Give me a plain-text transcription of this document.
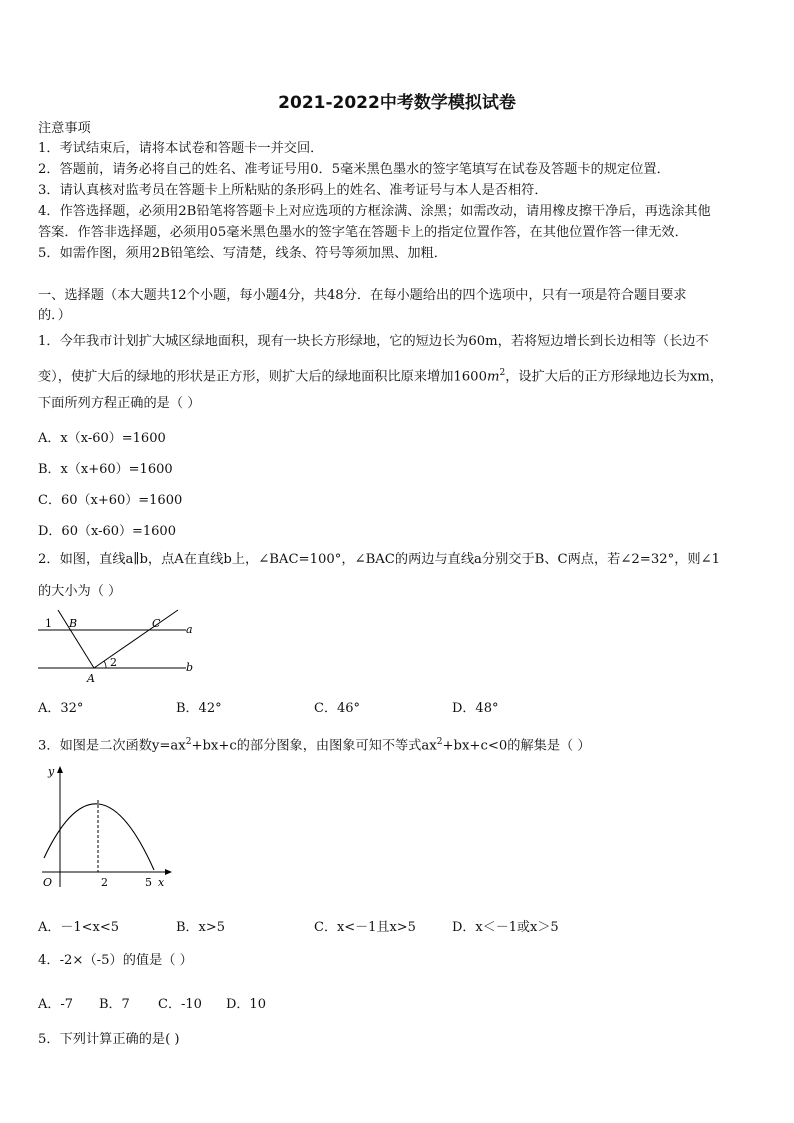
2021-2022中考数学模拟试卷
注意事项
1．考试结束后，请将本试卷和答题卡一并交回．
2．答题前，请务必将自己的姓名、准考证号用0．5毫米黑色墨水的签字笔填写在试卷及答题卡的规定位置．
3．请认真核对监考员在答题卡上所粘贴的条形码上的姓名、准考证号与本人是否相符．
4．作答选择题，必须用2B铅笔将答题卡上对应选项的方框涂满、涂黑；如需改动，请用橡皮擦干净后，再选涂其他
答案．作答非选择题，必须用05毫米黑色墨水的签字笔在答题卡上的指定位置作答，在其他位置作答一律无效．
5．如需作图，须用2B铅笔绘、写清楚，线条、符号等须加黑、加粗．
一、选择题（本大题共12个小题，每小题4分，共48分．在每小题给出的四个选项中，只有一项是符合题目要求
的．）
1．今年我市计划扩大城区绿地面积，现有一块长方形绿地，它的短边长为60m，若将短边增长到长边相等（长边不
变），使扩大后的绿地的形状是正方形，则扩大后的绿地面积比原来增加$1600m^2$，设扩大后的正方形绿地边长为xm，
下面所列方程正确的是（ ）
A．x（x-60）=1600
B．x（x+60）=1600
C．60（x+60）=1600
D．60（x-60）=1600
2．如图，直线a∥b，点A在直线b上，∠BAC=100°，∠BAC的两边与直线a分别交于B、C两点，若∠2=32°，则∠1
的大小为（ ）
1 B	C a
2	b
A
A．32°	B．42°	C．46°	D．48°
3．如图是二次函数$y=ax^2+bx+c$的部分图象，由图象可知不等式$ax^2+bx+c<0$的解集是（ ）
y
O	2	5 x
A．－1<x<5	B．x>5	C．x<－1且x>5	D．x＜－1或x＞5
4．-2×（-5）的值是（ ）
A．-7 B．7 C．-10 D．10
5．下列计算正确的是( )
